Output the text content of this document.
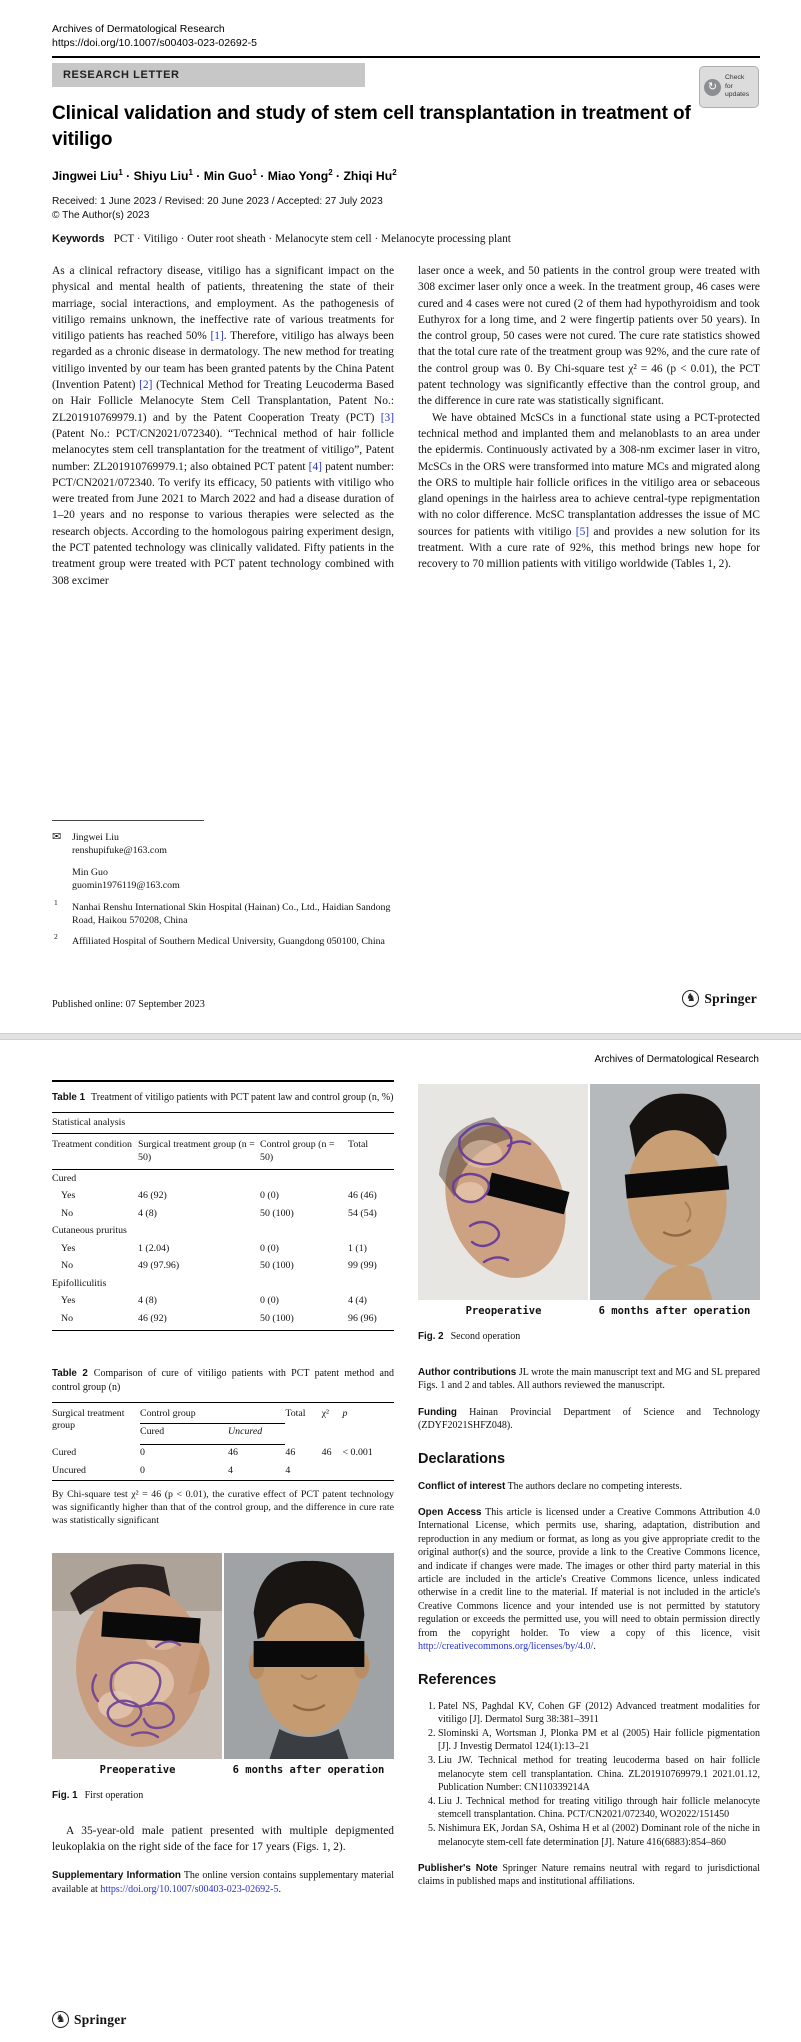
Archives of Dermatological Research
https://doi.org/10.1007/s00403-023-02692-5
RESEARCH LETTER
↻
Check for
updates
Clinical validation and study of stem cell transplantation in treatment of vitiligo
Jingwei Liu$^1$ · Shiyu Liu$^1$ · Min Guo$^1$ · Miao Yong$^2$ · Zhiqi Hu$^2$
Received: 1 June 2023 / Revised: 20 June 2023 / Accepted: 27 July 2023
© The Author(s) 2023
Keywords PCT · Vitiligo · Outer root sheath · Melanocyte stem cell · Melanocyte processing plant

As a clinical refractory disease, vitiligo has a significant impact on the physical and mental health of patients, threatening the state of their marriage, social interactions, and employment. As the pathogenesis of vitiligo remains unknown, the ineffective rate of various treatments for vitiligo patients has reached 50% [1]. Therefore, vitiligo has always been regarded as a chronic disease in dermatology. The new method for treating vitiligo invented by our team has been granted patents by the China Patent (Invention Patent) [2] (Technical Method for Treating Leucoderma Based on Hair Follicle Melanocyte Stem Cell Transplantation, Patent No.: ZL201910769979.1) and by the Patent Cooperation Treaty (PCT) [3] (Patent No.: PCT/CN2021/072340). “Technical method of hair follicle melanocytes stem cell transplantation for the treatment of vitiligo”, Patent number: ZL201910769979.1; also obtained PCT patent [4] patent number: PCT/CN2021/072340. To verify its efficacy, 50 patients with vitiligo who were treated from June 2021 to March 2022 and had a disease duration of 1–20 years and no response to various therapies were selected as the research objects. According to the homologous pairing experiment design, the PCT patented technology was clinically validated. Fifty patients in the treatment group were treated with PCT patent technology combined with 308 excimer

laser once a week, and 50 patients in the control group were treated with 308 excimer laser only once a week. In the treatment group, 46 cases were cured and 4 cases were not cured (2 of them had hypothyroidism and took Euthyrox for a long time, and 2 were fingertip patients over 50 years). In the control group, 50 cases were not cured. The cure rate statistics showed that the total cure rate of the treatment group was 92%, and the cure rate of the control group was 0. By Chi-square test χ² = 46 (p < 0.01), the PCT patent technology was significantly effective than the control group, and the difference in cure rate was statistically significant.

We have obtained McSCs in a functional state using a PCT-protected technical method and implanted them and melanoblasts to an area under the epidermis. Continuously activated by a 308-nm excimer laser in vitro, McSCs in the ORS were transformed into mature MCs and migrated along the ORS to multiple hair follicle orifices in the vitiligo area or sebaceous gland openings in the hairless area to achieve central-type repigmentation with no color difference. McSC transplantation addresses the issue of MC sources for patients with vitiligo [5] and provides a new solution for its treatment. With a cure rate of 92%, this method brings new hope for recovery to 70 million patients with vitiligo worldwide (Tables 1, 2).

✉ Jingwei Liu
renshupifuke@163.com
Min Guo
guomin1976119@163.com
1 Nanhai Renshu International Skin Hospital (Hainan) Co., Ltd., Haidian Sandong Road, Haikou 570208, China
2 Affiliated Hospital of Southern Medical University, Guangdong 050100, China
Published online: 07 September 2023
♞ Springer
Archives of Dermatological Research

Table 1 Treatment of vitiligo patients with PCT patent law and control group (n, %)

Statistical analysis			
Treatment condition	Surgical treatment group (n = 50)	Control group (n = 50)	Total
Cured			
Yes	46 (92)	0 (0)	46 (46)
No	4 (8)	50 (100)	54 (54)
Cutaneous pruritus			
Yes	1 (2.04)	0 (0)	1 (1)
No	49 (97.96)	50 (100)	99 (99)
Epifolliculitis			
Yes	4 (8)	0 (0)	4 (4)
No	46 (92)	50 (100)	96 (96)

Table 2 Comparison of cure of vitiligo patients with PCT patent method and control group (n)

Surgical treatment group	Control group		Total	χ²	p
	Cured	Uncured			
Cured	0	46	46	46	< 0.001
Uncured	0	4	4		

By Chi-square test χ² = 46 (p < 0.01), the curative effect of PCT patent technology was significantly higher than that of the control group, and the difference in cure rate was statistically significant

Preoperative	6 months after operation

Fig. 1 First operation

A 35-year-old male patient presented with multiple depigmented leukoplakia on the right side of the face for 17 years (Figs. 1, 2).

Supplementary Information The online version contains supplementary material available at https://doi.org/10.1007/s00403-023-02692-5.

Preoperative	6 months after operation

Fig. 2 Second operation

Author contributions JL wrote the main manuscript text and MG and SL prepared Figs. 1 and 2 and tables. All authors reviewed the manuscript.

Funding Hainan Provincial Department of Science and Technology (ZDYF2021SHFZ048).

Declarations

Conflict of interest The authors declare no competing interests.

Open Access This article is licensed under a Creative Commons Attribution 4.0 International License, which permits use, sharing, adaptation, distribution and reproduction in any medium or format, as long as you give appropriate credit to the original author(s) and the source, provide a link to the Creative Commons licence, and indicate if changes were made. The images or other third party material in this article are included in the article's Creative Commons licence, unless indicated otherwise in a credit line to the material. If material is not included in the article's Creative Commons licence and your intended use is not permitted by statutory regulation or exceeds the permitted use, you will need to obtain permission directly from the copyright holder. To view a copy of this licence, visit http://creativecommons.org/licenses/by/4.0/.

References
1. Patel NS, Paghdal KV, Cohen GF (2012) Advanced treatment modalities for vitiligo [J]. Dermatol Surg 38:381–3911
2. Slominski A, Wortsman J, Plonka PM et al (2005) Hair follicle pigmentation [J]. J Investig Dermatol 124(1):13–21
3. Liu JW. Technical method for treating leucoderma based on hair follicle melanocyte stem cell transplantation. China. ZL201910769979.1 2021.01.12, Publication Number: CN110339214A
4. Liu J. Technical method for treating vitiligo through hair follicle melanocyte stemcell transplantation. China. PCT/CN2021/072340, WO2022/151450
5. Nishimura EK, Jordan SA, Oshima H et al (2002) Dominant role of the niche in melanocyte stem-cell fate determination [J]. Nature 416(6883):854–860

Publisher's Note Springer Nature remains neutral with regard to jurisdictional claims in published maps and institutional affiliations.

♞ Springer
